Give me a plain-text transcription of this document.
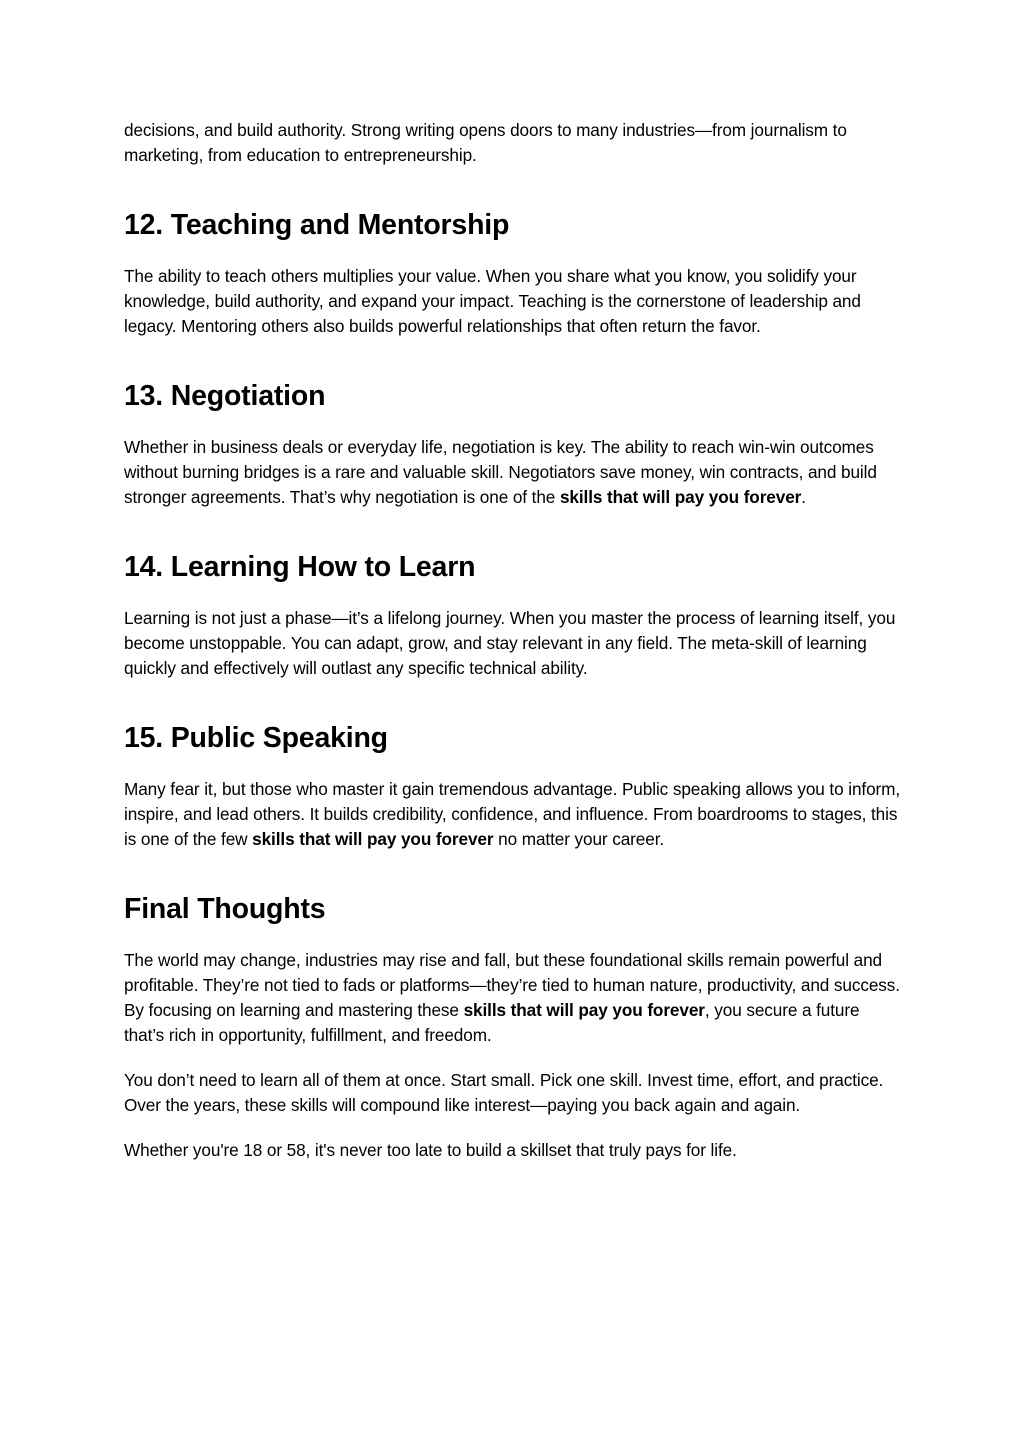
decisions, and build authority. Strong writing opens doors to many industries—from journalism to marketing, from education to entrepreneurship.

12. Teaching and Mentorship

The ability to teach others multiplies your value. When you share what you know, you solidify your knowledge, build authority, and expand your impact. Teaching is the cornerstone of leadership and legacy. Mentoring others also builds powerful relationships that often return the favor.

13. Negotiation

Whether in business deals or everyday life, negotiation is key. The ability to reach win-win outcomes without burning bridges is a rare and valuable skill. Negotiators save money, win contracts, and build stronger agreements. That’s why negotiation is one of the skills that will pay you forever.

14. Learning How to Learn

Learning is not just a phase—it’s a lifelong journey. When you master the process of learning itself, you become unstoppable. You can adapt, grow, and stay relevant in any field. The meta-skill of learning quickly and effectively will outlast any specific technical ability.

15. Public Speaking

Many fear it, but those who master it gain tremendous advantage. Public speaking allows you to inform, inspire, and lead others. It builds credibility, confidence, and influence. From boardrooms to stages, this is one of the few skills that will pay you forever no matter your career.

Final Thoughts

The world may change, industries may rise and fall, but these foundational skills remain powerful and profitable. They’re not tied to fads or platforms—they’re tied to human nature, productivity, and success. By focusing on learning and mastering these skills that will pay you forever, you secure a future that’s rich in opportunity, fulfillment, and freedom.

You don’t need to learn all of them at once. Start small. Pick one skill. Invest time, effort, and practice. Over the years, these skills will compound like interest—paying you back again and again.

Whether you're 18 or 58, it's never too late to build a skillset that truly pays for life.
